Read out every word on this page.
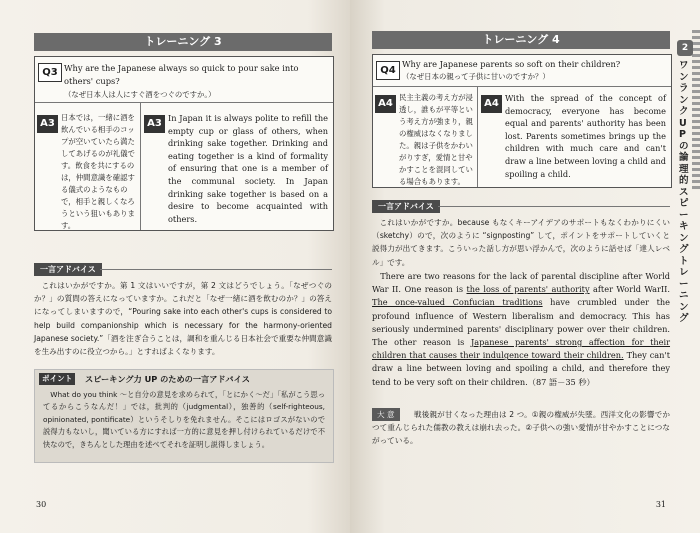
トレーニング 3
Q3 Why are the Japanese always so quick to pour sake into others' cups?
（なぜ日本人は人にすぐ酒をつぐのですか。）
A3
日本では，一緒に酒を飲んでいる相手のコップが空いていたら満たしてあげるのが礼儀です。飲食を共にするのは，仲間意識を確認する儀式のようなもので，相手と親しくなろうという狙いもあります。
A3 In Japan it is always polite to refill the empty cup or glass of others, when drinking sake together. Drinking and eating together is a kind of formality of ensuring that one is a member of the communal society. In Japan drinking sake together is based on a desire to become acquainted with others.
一言アドバイス
これはいかがですか。第 1 文はいいですが，第 2 文はどうでしょう。「なぜつぐのか？」の質問の答えになっていますか。これだと「なぜ一緒に酒を飲むのか？」の答えになってしまいますので，“Pouring sake into each other's cups is considered to help build companionship which is necessary for the harmony-oriented Japanese society.”「酒を注ぎ合うことは，調和を重んじる日本社会で重要な仲間意識を生み出すのに役立つから。」とすればよくなります。
ポイント	スピーキング力 UP のための一言アドバイス
What do you think ～と自分の意見を求められて，「とにかく～だ」「私がこう思ってるからこうなんだ！」では，批判的（judgmental），独善的（self-righteous, opinionated, pontificate）というそしりを免れません。そこにはロゴスがないので説得力もないし，聞いている方にすれば一方的に意見を押し付けられているだけで不快なので，きちんとした理由を述べてそれを証明し説得しましょう。
30
トレーニング 4
Q4
Why are Japanese parents so soft on their children?
（なぜ日本の親って子供に甘いのですか？）
A4
民主主義の考え方が浸透し，誰もが平等という考え方が強まり，親の権威はなくなりました。親は子供をかわいがりすぎ，愛情と甘やかすことを混同している場合もあります。
A4 With the spread of the concept of democracy, everyone has become equal and parents' authority has been lost. Parents sometimes brings up the children with much care and can't draw a line between loving a child and spoiling a child.
一言アドバイス
これはいかがですか。because もなくキーアイデアのサポートもなくわかりにくい（sketchy）ので，次のように “signposting” して，ポイントをサポートしていくと説得力が出てきます。こういった話し方が思い浮かんで，次のように話せば「達人レベル」です。
There are two reasons for the lack of parental discipline after World War II. One reason is the loss of parents' authority after World WarII. The once-valued Confucian traditions have crumbled under the profound influence of Western liberalism and democracy. This has seriously undermined parents' disciplinary power over their children. The other reason is Japanese parents' strong affection for their children that causes their indulgence toward their children. They can't draw a line between loving and spoiling a child, and therefore they tend to be very soft on their children.（87 語－35 秒）
大 意	戦後親が甘くなった理由は 2 つ。①親の権威が失墜。西洋文化の影響でかつて重んじられた儒教の教えは崩れ去った。②子供への強い愛情が甘やかすことにつながっている。
31
2
ワンランクUPの論理的スピーキングトレーニング
